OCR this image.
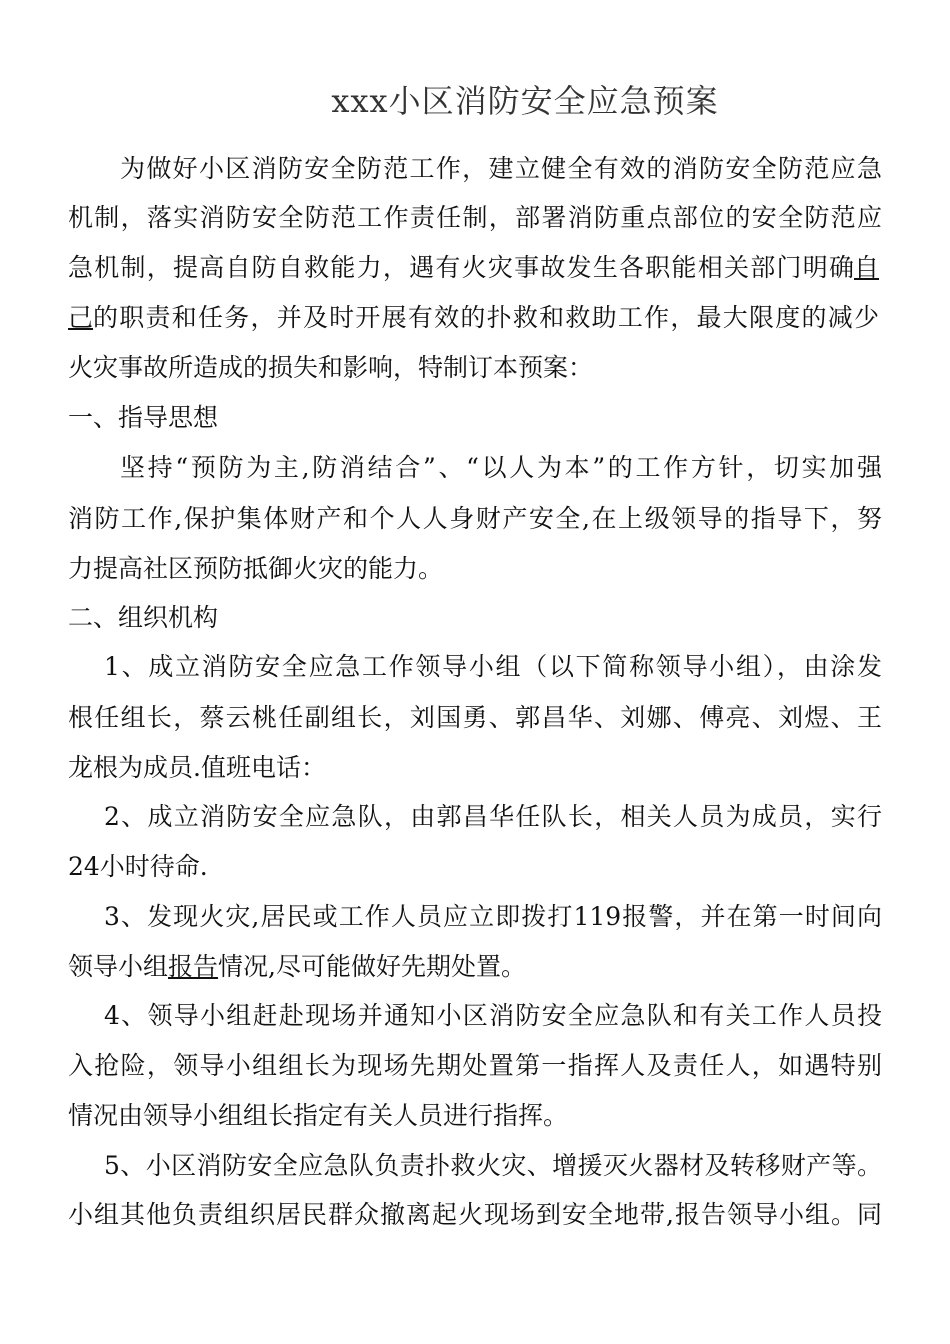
xxx小区消防安全应急预案
为做好小区消防安全防范工作，建立健全有效的消防安全防范应急
机制，落实消防安全防范工作责任制，部署消防重点部位的安全防范应
急机制，提高自防自救能力，遇有火灾事故发生各职能相关部门明确自
己的职责和任务，并及时开展有效的扑救和救助工作，最大限度的减少
火灾事故所造成的损失和影响，特制订本预案：
一、指导思想
坚持“预防为主,防消结合”、“以人为本”的工作方针，切实加强
消防工作,保护集体财产和个人人身财产安全,在上级领导的指导下，努
力提高社区预防抵御火灾的能力。
二、组织机构
1、成立消防安全应急工作领导小组（以下简称领导小组），由涂发
根任组长，蔡云桃任副组长，刘国勇、郭昌华、刘娜、傅亮、刘煜、王
龙根为成员.值班电话：
2、成立消防安全应急队，由郭昌华任队长，相关人员为成员，实行
24小时待命.
3、发现火灾,居民或工作人员应立即拨打119报警，并在第一时间向
领导小组报告情况,尽可能做好先期处置。
4、领导小组赶赴现场并通知小区消防安全应急队和有关工作人员投
入抢险，领导小组组长为现场先期处置第一指挥人及责任人，如遇特别
情况由领导小组组长指定有关人员进行指挥。
5、小区消防安全应急队负责扑救火灾、增援灭火器材及转移财产等。
小组其他负责组织居民群众撤离起火现场到安全地带,报告领导小组。同
